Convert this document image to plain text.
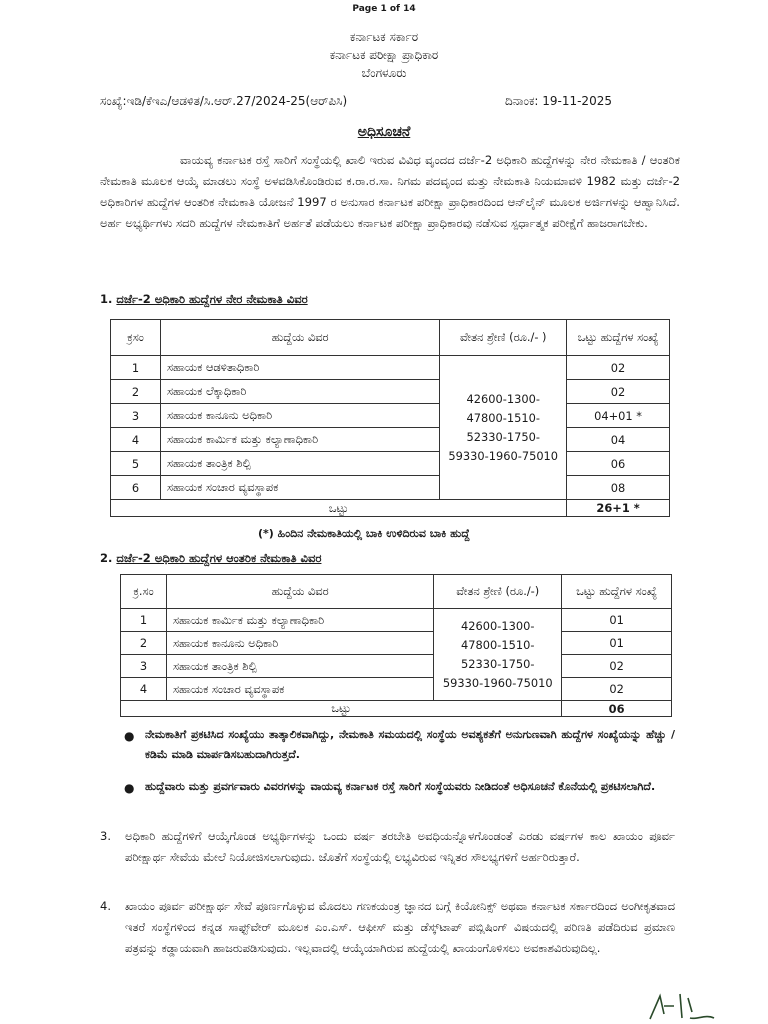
Page 1 of 14
ಕರ್ನಾಟಕ ಸರ್ಕಾರ
ಕರ್ನಾಟಕ ಪರೀಕ್ಷಾ ಪ್ರಾಧಿಕಾರ
ಬೆಂಗಳೂರು
ಸಂಖ್ಯೆ:ಇಡಿ/ಕೆಇಎ/ಆಡಳಿತ/ಸಿ.ಆರ್.27/2024-25(ಆರ್‌ಪಿಸಿ)	ದಿನಾಂಕ: 19-11-2025
ಅಧಿಸೂಚನೆ
ವಾಯವ್ಯ ಕರ್ನಾಟಕ ರಸ್ತೆ ಸಾರಿಗೆ ಸಂಸ್ಥೆಯಲ್ಲಿ ಖಾಲಿ ಇರುವ ವಿವಿಧ ವೃಂದದ ದರ್ಜೆ-2 ಅಧಿಕಾರಿ ಹುದ್ದೆಗಳನ್ನು ನೇರ ನೇಮಕಾತಿ / ಆಂತರಿಕ ನೇಮಕಾತಿ ಮೂಲಕ ಆಯ್ಕೆ ಮಾಡಲು ಸಂಸ್ಥೆ ಅಳವಡಿಸಿಕೊಂಡಿರುವ ಕ.ರಾ.ರ.ಸಾ. ನಿಗಮ ಪದವೃಂದ ಮತ್ತು ನೇಮಕಾತಿ ನಿಯಮಾವಳಿ 1982 ಮತ್ತು ದರ್ಜೆ-2 ಅಧಿಕಾರಿಗಳ ಹುದ್ದೆಗಳ ಆಂತರಿಕ ನೇಮಕಾತಿ ಯೋಜನೆ 1997 ರ ಅನುಸಾರ ಕರ್ನಾಟಕ ಪರೀಕ್ಷಾ ಪ್ರಾಧಿಕಾರದಿಂದ ಆನ್‌ಲೈನ್ ಮೂಲಕ ಅರ್ಜಿಗಳನ್ನು ಆಹ್ವಾನಿಸಿದೆ. ಅರ್ಹ ಅಭ್ಯರ್ಥಿಗಳು ಸದರಿ ಹುದ್ದೆಗಳ ನೇಮಕಾತಿಗೆ ಅರ್ಹತೆ ಪಡೆಯಲು ಕರ್ನಾಟಕ ಪರೀಕ್ಷಾ ಪ್ರಾಧಿಕಾರವು ನಡೆಸುವ ಸ್ಪರ್ಧಾತ್ಮಕ ಪರೀಕ್ಷೆಗೆ ಹಾಜರಾಗಬೇಕು.
1. ದರ್ಜೆ-2 ಅಧಿಕಾರಿ ಹುದ್ದೆಗಳ ನೇರ ನೇಮಕಾತಿ ವಿವರ
ಕ್ರಸಂ	ಹುದ್ದೆಯ ವಿವರ	ವೇತನ ಶ್ರೇಣಿ (ರೂ./- )	ಒಟ್ಟು ಹುದ್ದೆಗಳ ಸಂಖ್ಯೆ
1	ಸಹಾಯಕ ಆಡಳಿತಾಧಿಕಾರಿ	42600-1300-
47800-1510-
52330-1750-
59330-1960-75010	02
2	ಸಹಾಯಕ ಲೆಕ್ಕಾಧಿಕಾರಿ		02
3	ಸಹಾಯಕ ಕಾನೂನು ಅಧಿಕಾರಿ		04+01 *
4	ಸಹಾಯಕ ಕಾರ್ಮಿಕ ಮತ್ತು ಕಲ್ಯಾಣಾಧಿಕಾರಿ		04
5	ಸಹಾಯಕ ತಾಂತ್ರಿಕ ಶಿಲ್ಪಿ		06
6	ಸಹಾಯಕ ಸಂಚಾರ ವ್ಯವಸ್ಥಾಪಕ		08
ಒಟ್ಟು			26+1 *
(*) ಹಿಂದಿನ ನೇಮಕಾತಿಯಲ್ಲಿ ಬಾಕಿ ಉಳಿದಿರುವ ಬಾಕಿ ಹುದ್ದೆ
2. ದರ್ಜೆ-2 ಅಧಿಕಾರಿ ಹುದ್ದೆಗಳ ಆಂತರಿಕ ನೇಮಕಾತಿ ವಿವರ
ಕ್ರ.ಸಂ	ಹುದ್ದೆಯ ವಿವರ	ವೇತನ ಶ್ರೇಣಿ (ರೂ./-)	ಒಟ್ಟು ಹುದ್ದೆಗಳ ಸಂಖ್ಯೆ
1	ಸಹಾಯಕ ಕಾರ್ಮಿಕ ಮತ್ತು ಕಲ್ಯಾಣಾಧಿಕಾರಿ	42600-1300-
47800-1510-
52330-1750-
59330-1960-75010	01
2	ಸಹಾಯಕ ಕಾನೂನು ಅಧಿಕಾರಿ		01
3	ಸಹಾಯಕ ತಾಂತ್ರಿಕ ಶಿಲ್ಪಿ		02
4	ಸಹಾಯಕ ಸಂಚಾರ ವ್ಯವಸ್ಥಾಪಕ		02
ಒಟ್ಟು			06
● ನೇಮಕಾತಿಗೆ ಪ್ರಕಟಿಸಿದ ಸಂಖ್ಯೆಯು ತಾತ್ಕಾಲಿಕವಾಗಿದ್ದು, ನೇಮಕಾತಿ ಸಮಯದಲ್ಲಿ ಸಂಸ್ಥೆಯ ಅವಶ್ಯಕತೆಗೆ ಅನುಗುಣವಾಗಿ ಹುದ್ದೆಗಳ ಸಂಖ್ಯೆಯನ್ನು ಹೆಚ್ಚು / ಕಡಿಮೆ ಮಾಡಿ ಮಾರ್ಪಡಿಸಬಹುದಾಗಿರುತ್ತದೆ.
● ಹುದ್ದೆವಾರು ಮತ್ತು ಪ್ರವರ್ಗವಾರು ವಿವರಗಳನ್ನು ವಾಯವ್ಯ ಕರ್ನಾಟಕ ರಸ್ತೆ ಸಾರಿಗೆ ಸಂಸ್ಥೆಯವರು ನೀಡಿದಂತೆ ಅಧಿಸೂಚನೆ ಕೊನೆಯಲ್ಲಿ ಪ್ರಕಟಿಸಲಾಗಿದೆ.
3. ಅಧಿಕಾರಿ ಹುದ್ದೆಗಳಿಗೆ ಆಯ್ಕೆಗೊಂಡ ಅಭ್ಯರ್ಥಿಗಳನ್ನು ಒಂದು ವರ್ಷ ತರಬೇತಿ ಅವಧಿಯನ್ನೊಳಗೊಂಡಂತೆ ಎರಡು ವರ್ಷಗಳ ಕಾಲ ಖಾಯಂ ಪೂರ್ವ ಪರೀಕ್ಷಾರ್ಥ ಸೇವೆಯ ಮೇಲೆ ನಿಯೋಜಿಸಲಾಗುವುದು. ಜೊತೆಗೆ ಸಂಸ್ಥೆಯಲ್ಲಿ ಲಭ್ಯವಿರುವ ಇನ್ನಿತರ ಸೌಲಭ್ಯಗಳಿಗೆ ಅರ್ಹರಿರುತ್ತಾರೆ.
4. ಖಾಯಂ ಪೂರ್ವ ಪರೀಕ್ಷಾರ್ಥ ಸೇವೆ ಪೂರ್ಣಗೊಳ್ಳುವ ಮೊದಲು ಗಣಕಯಂತ್ರ ಜ್ಞಾನದ ಬಗ್ಗೆ ಕಿಯೋನಿಕ್ಸ್ ಅಥವಾ ಕರ್ನಾಟಕ ಸರ್ಕಾರದಿಂದ ಅಂಗೀಕೃತವಾದ ಇತರೆ ಸಂಸ್ಥೆಗಳಿಂದ ಕನ್ನಡ ಸಾಫ್ಟ್‌ವೇರ್ ಮೂಲಕ ಎಂ.ಎಸ್. ಆಫೀಸ್ ಮತ್ತು ಡೆಸ್ಕ್‌ಟಾಪ್ ಪಬ್ಲಿಷಿಂಗ್ ವಿಷಯದಲ್ಲಿ ಪರಿಣತಿ ಪಡೆದಿರುವ ಪ್ರಮಾಣ ಪತ್ರವನ್ನು ಕಡ್ಡಾಯವಾಗಿ ಹಾಜರುಪಡಿಸುವುದು. ಇಲ್ಲವಾದಲ್ಲಿ ಆಯ್ಕೆಯಾಗಿರುವ ಹುದ್ದೆಯಲ್ಲಿ ಖಾಯಂಗೊಳಿಸಲು ಅವಕಾಶವಿರುವುದಿಲ್ಲ.
